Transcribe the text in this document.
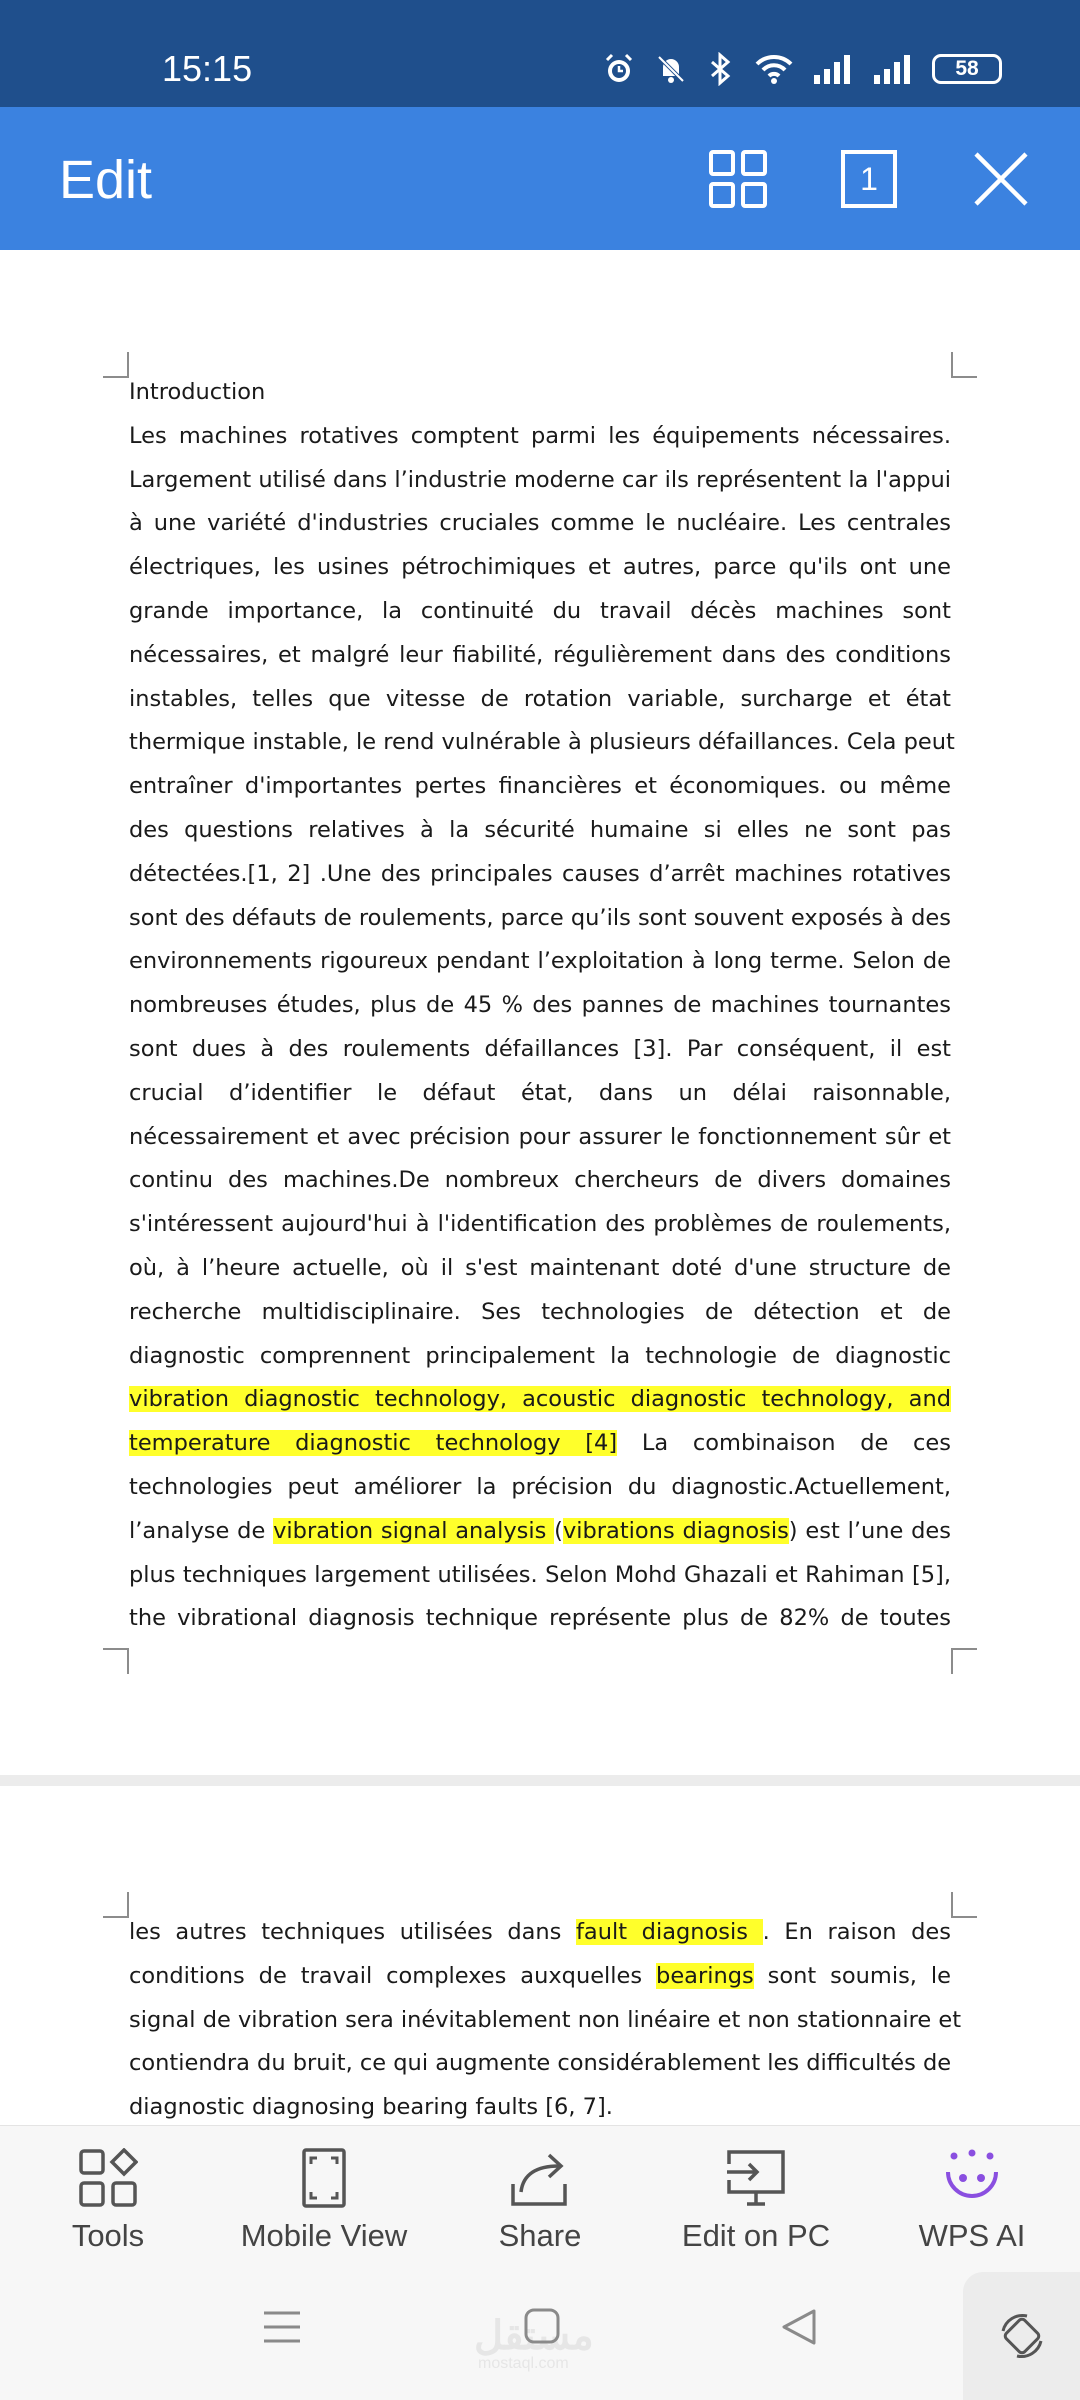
15:15	58
Edit	1
Introduction
Les machines rotatives comptent parmi les équipements nécessaires.
Largement utilisé dans l’industrie moderne car ils représentent la l'appui
à une variété d'industries cruciales comme le nucléaire. Les centrales
électriques, les usines pétrochimiques et autres, parce qu'ils ont une
grande importance, la continuité du travail décès machines sont
nécessaires, et malgré leur fiabilité, régulièrement dans des conditions
instables, telles que vitesse de rotation variable, surcharge et état
thermique instable, le rend vulnérable à plusieurs défaillances. Cela peut
entraîner d'importantes pertes financières et économiques. ou même
des questions relatives à la sécurité humaine si elles ne sont pas
détectées.[1, 2] .Une des principales causes d’arrêt machines rotatives
sont des défauts de roulements, parce qu’ils sont souvent exposés à des
environnements rigoureux pendant l’exploitation à long terme. Selon de
nombreuses études, plus de 45 % des pannes de machines tournantes
sont dues à des roulements défaillances [3]. Par conséquent, il est
crucial d’identifier le défaut état, dans un délai raisonnable,
nécessairement et avec précision pour assurer le fonctionnement sûr et
continu des machines.De nombreux chercheurs de divers domaines
s'intéressent aujourd'hui à l'identification des problèmes de roulements,
où, à l’heure actuelle, où il s'est maintenant doté d'une structure de
recherche multidisciplinaire. Ses technologies de détection et de
diagnostic comprennent principalement la technologie de diagnostic
vibration diagnostic technology, acoustic diagnostic technology, and
temperature diagnostic technology [4] La combinaison de ces
technologies peut améliorer la précision du diagnostic.Actuellement,
l’analyse de vibration signal analysis (vibrations diagnosis) est l’une des
plus techniques largement utilisées. Selon Mohd Ghazali et Rahiman [5],
the vibrational diagnosis technique représente plus de 82% de toutes
les autres techniques utilisées dans fault diagnosis . En raison des
conditions de travail complexes auxquelles bearings sont soumis, le
signal de vibration sera inévitablement non linéaire et non stationnaire et
contiendra du bruit, ce qui augmente considérablement les difficultés de
diagnostic diagnosing bearing faults [6, 7].
Tools	Mobile View	Share	Edit on PC	WPS AI
مستقل
mostaql.com
